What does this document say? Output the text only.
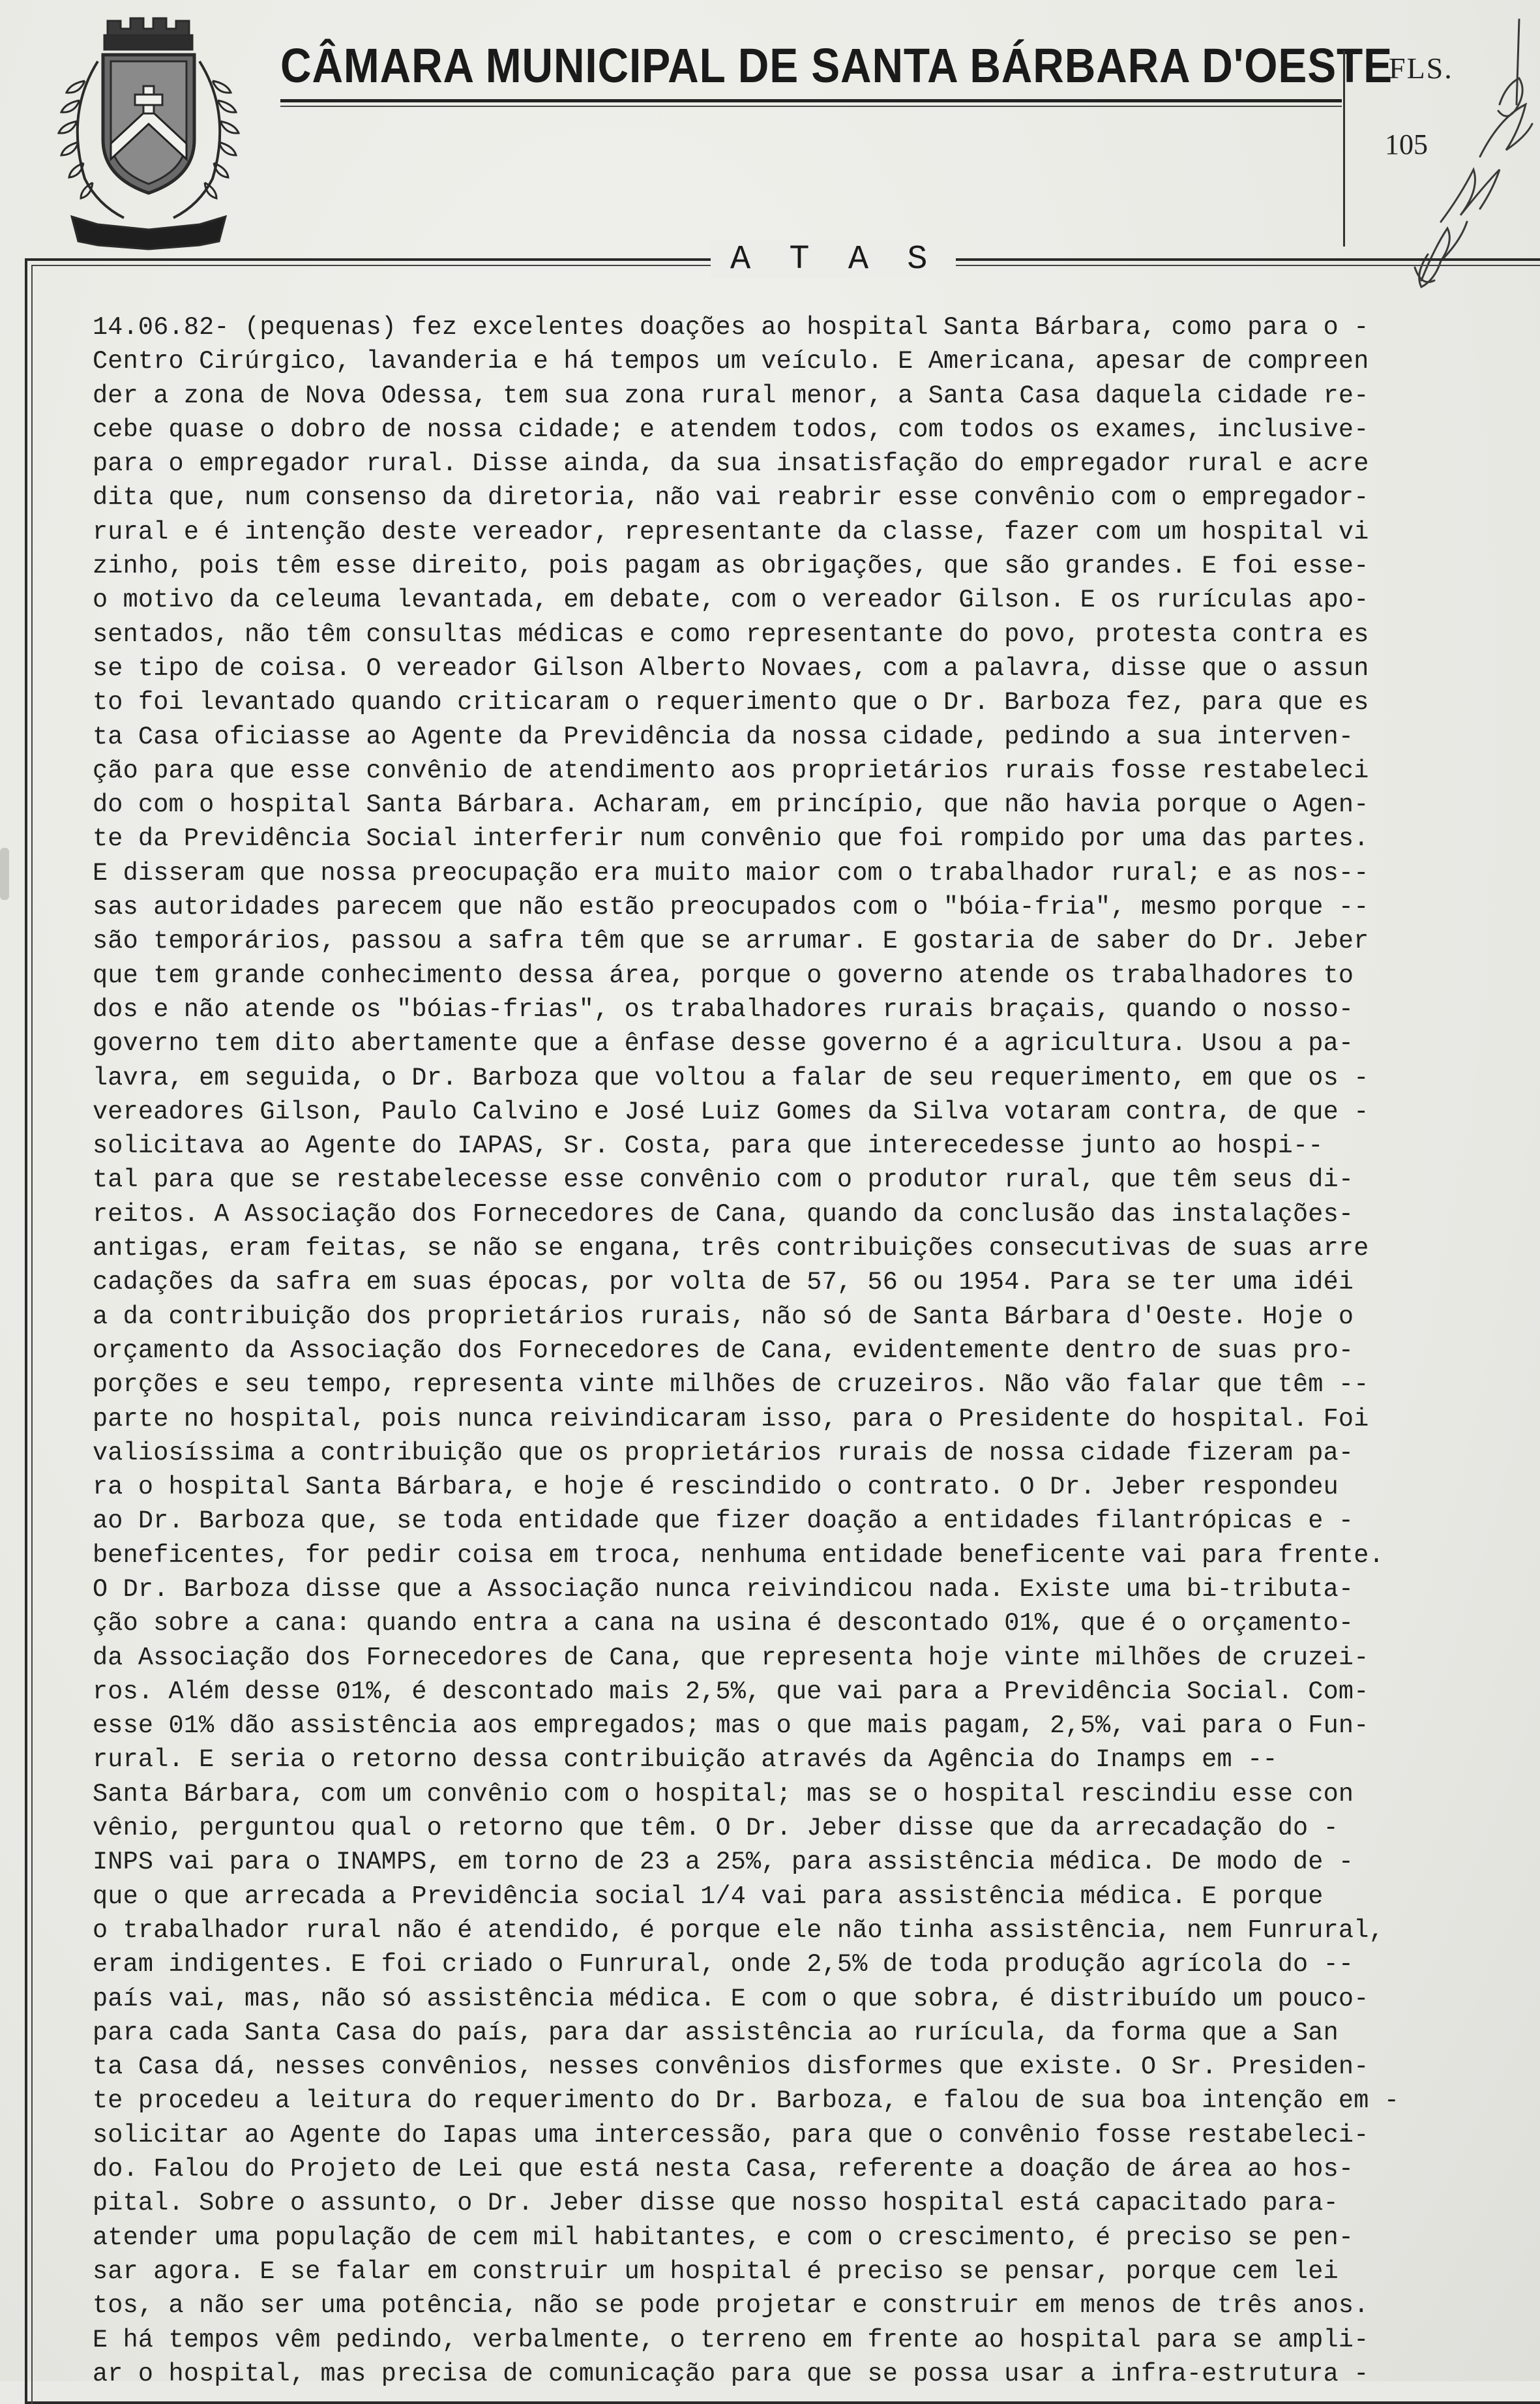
CÂMARA MUNICIPAL DE SANTA BÁRBARA D'OESTE
FLS.
105
A T A S
14.06.82- (pequenas) fez excelentes doações ao hospital Santa Bárbara, como para o -
Centro Cirúrgico, lavanderia e há tempos um veículo. E Americana, apesar de compreen
der a zona de Nova Odessa, tem sua zona rural menor, a Santa Casa daquela cidade re-
cebe quase o dobro de nossa cidade; e atendem todos, com todos os exames, inclusive-
para o empregador rural. Disse ainda, da sua insatisfação do empregador rural e acre
dita que, num consenso da diretoria, não vai reabrir esse convênio com o empregador-
rural e é intenção deste vereador, representante da classe, fazer com um hospital vi
zinho, pois têm esse direito, pois pagam as obrigações, que são grandes. E foi esse-
o motivo da celeuma levantada, em debate, com o vereador Gilson. E os rurículas apo-
sentados, não têm consultas médicas e como representante do povo, protesta contra es
se tipo de coisa. O vereador Gilson Alberto Novaes, com a palavra, disse que o assun
to foi levantado quando criticaram o requerimento que o Dr. Barboza fez, para que es
ta Casa oficiasse ao Agente da Previdência da nossa cidade, pedindo a sua interven-
ção para que esse convênio de atendimento aos proprietários rurais fosse restabeleci
do com o hospital Santa Bárbara. Acharam, em princípio, que não havia porque o Agen-
te da Previdência Social interferir num convênio que foi rompido por uma das partes.
E disseram que nossa preocupação era muito maior com o trabalhador rural; e as nos--
sas autoridades parecem que não estão preocupados com o "bóia-fria", mesmo porque --
são temporários, passou a safra têm que se arrumar. E gostaria de saber do Dr. Jeber
que tem grande conhecimento dessa área, porque o governo atende os trabalhadores to
dos e não atende os "bóias-frias", os trabalhadores rurais braçais, quando o nosso-
governo tem dito abertamente que a ênfase desse governo é a agricultura. Usou a pa-
lavra, em seguida, o Dr. Barboza que voltou a falar de seu requerimento, em que os -
vereadores Gilson, Paulo Calvino e José Luiz Gomes da Silva votaram contra, de que -
solicitava ao Agente do IAPAS, Sr. Costa, para que interecedesse junto ao hospi--
tal para que se restabelecesse esse convênio com o produtor rural, que têm seus di-
reitos. A Associação dos Fornecedores de Cana, quando da conclusão das instalações-
antigas, eram feitas, se não se engana, três contribuições consecutivas de suas arre
cadações da safra em suas épocas, por volta de 57, 56 ou 1954. Para se ter uma idéi
a da contribuição dos proprietários rurais, não só de Santa Bárbara d'Oeste. Hoje o
orçamento da Associação dos Fornecedores de Cana, evidentemente dentro de suas pro-
porções e seu tempo, representa vinte milhões de cruzeiros. Não vão falar que têm --
parte no hospital, pois nunca reivindicaram isso, para o Presidente do hospital. Foi
valiosíssima a contribuição que os proprietários rurais de nossa cidade fizeram pa-
ra o hospital Santa Bárbara, e hoje é rescindido o contrato. O Dr. Jeber respondeu
ao Dr. Barboza que, se toda entidade que fizer doação a entidades filantrópicas e -
beneficentes, for pedir coisa em troca, nenhuma entidade beneficente vai para frente.
O Dr. Barboza disse que a Associação nunca reivindicou nada. Existe uma bi-tributa-
ção sobre a cana: quando entra a cana na usina é descontado 01%, que é o orçamento-
da Associação dos Fornecedores de Cana, que representa hoje vinte milhões de cruzei-
ros. Além desse 01%, é descontado mais 2,5%, que vai para a Previdência Social. Com-
esse 01% dão assistência aos empregados; mas o que mais pagam, 2,5%, vai para o Fun-
rural. E seria o retorno dessa contribuição através da Agência do Inamps em --
Santa Bárbara, com um convênio com o hospital; mas se o hospital rescindiu esse con
vênio, perguntou qual o retorno que têm. O Dr. Jeber disse que da arrecadação do -
INPS vai para o INAMPS, em torno de 23 a 25%, para assistência médica. De modo de -
que o que arrecada a Previdência social 1/4 vai para assistência médica. E porque
o trabalhador rural não é atendido, é porque ele não tinha assistência, nem Funrural,
eram indigentes. E foi criado o Funrural, onde 2,5% de toda produção agrícola do --
país vai, mas, não só assistência médica. E com o que sobra, é distribuído um pouco-
para cada Santa Casa do país, para dar assistência ao rurícula, da forma que a San
ta Casa dá, nesses convênios, nesses convênios disformes que existe. O Sr. Presiden-
te procedeu a leitura do requerimento do Dr. Barboza, e falou de sua boa intenção em -
solicitar ao Agente do Iapas uma intercessão, para que o convênio fosse restabeleci-
do. Falou do Projeto de Lei que está nesta Casa, referente a doação de área ao hos-
pital. Sobre o assunto, o Dr. Jeber disse que nosso hospital está capacitado para-
atender uma população de cem mil habitantes, e com o crescimento, é preciso se pen-
sar agora. E se falar em construir um hospital é preciso se pensar, porque cem lei
tos, a não ser uma potência, não se pode projetar e construir em menos de três anos.
E há tempos vêm pedindo, verbalmente, o terreno em frente ao hospital para se ampli-
ar o hospital, mas precisa de comunicação para que se possa usar a infra-estrutura -
